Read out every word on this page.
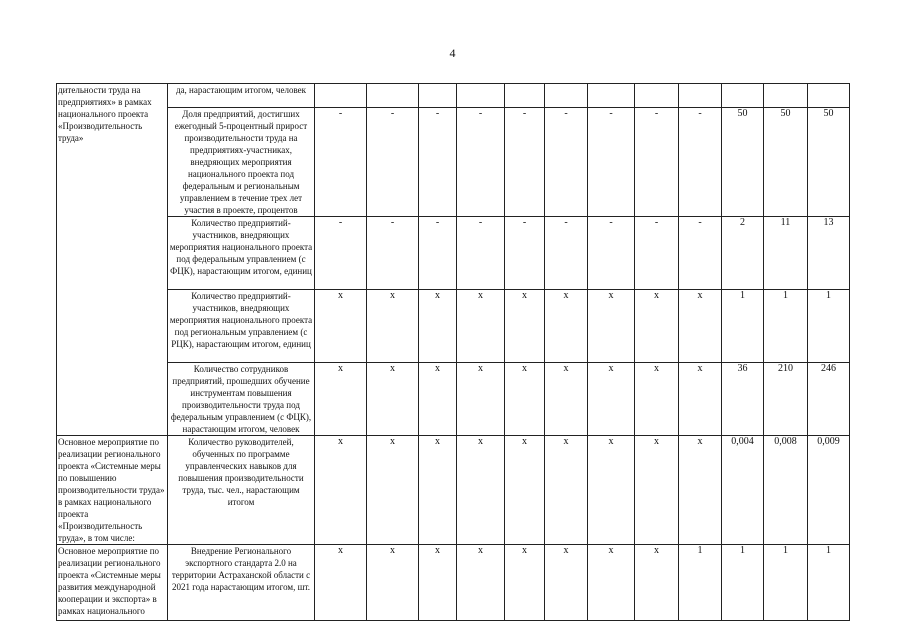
4
дительности труда на предприятиях» в рамках национального проекта «Производительность труда»	да, нарастающим итогом, человек												
	Доля предприятий, достигших ежегодный 5-процентный прирост производительности труда на предприятиях-участниках, внедряющих мероприятия национального проекта под федеральным и региональным управлением в течение трех лет участия в проекте, процентов	-	-	-	-	-	-	-	-	-	50	50	50
	Количество предприятий-участников, внедряющих мероприятия национального проекта под федеральным управлением (с ФЦК), нарастающим итогом, единиц	-	-	-	-	-	-	-	-	-	2	11	13
	Количество предприятий-участников, внедряющих мероприятия национального проекта под региональным управлением (с РЦК), нарастающим итогом, единиц	x	x	x	x	x	x	x	x	x	1	1	1
	Количество сотрудников предприятий, прошедших обучение инструментам повышения производительности труда под федеральным управлением (с ФЦК), нарастающим итогом, человек	x	x	x	x	x	x	x	x	x	36	210	246
Основное мероприятие по реализации регионального проекта «Системные меры по повышению производительности труда» в рамках национального проекта «Производительность труда», в том числе:	Количество руководителей, обученных по программе управленческих навыков для повышения производительности труда, тыс. чел., нарастающим итогом	x	x	x	x	x	x	x	x	x	0,004	0,008	0,009
Основное мероприятие по реализации регионального проекта «Системные меры развития международной кооперации и экспорта» в рамках национального	Внедрение Регионального экспортного стандарта 2.0 на территории Астраханской области с 2021 года нарастающим итогом, шт.	x	x	x	x	x	x	x	x	1	1	1	1
